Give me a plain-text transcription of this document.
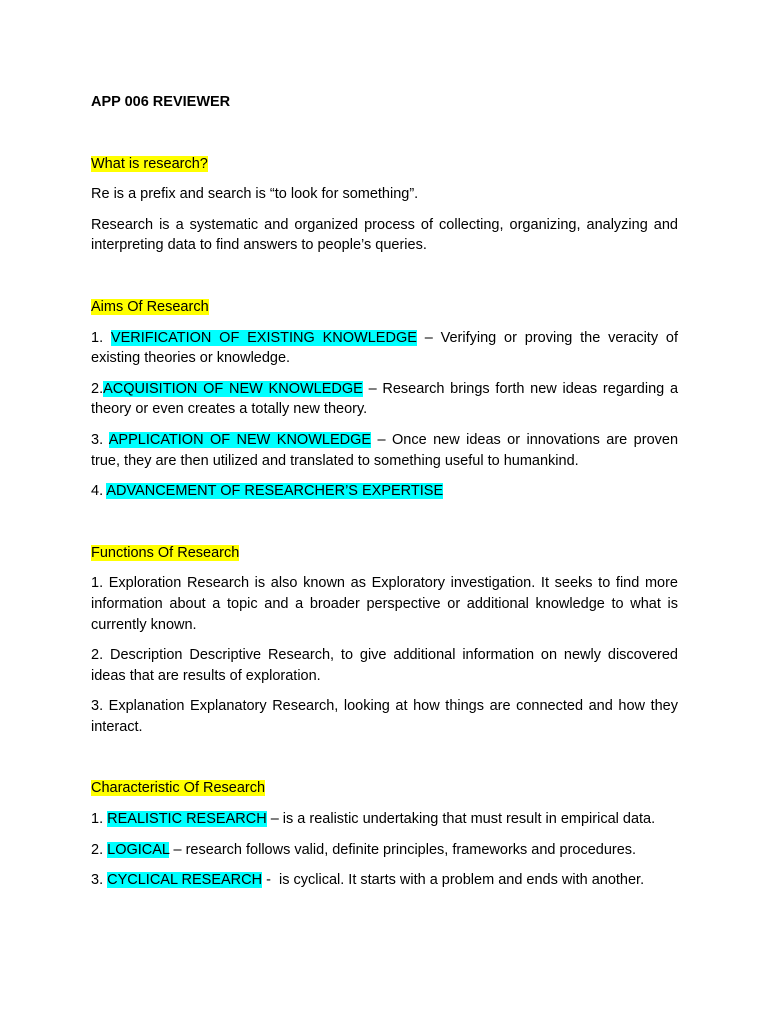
APP 006 REVIEWER

What is research?

Re is a prefix and search is “to look for something”.

Research is a systematic and organized process of collecting, organizing, analyzing and interpreting data to find answers to people’s queries.

Aims Of Research

1. VERIFICATION OF EXISTING KNOWLEDGE – Verifying or proving the veracity of existing theories or knowledge.

2.ACQUISITION OF NEW KNOWLEDGE – Research brings forth new ideas regarding a theory or even creates a totally new theory.

3. APPLICATION OF NEW KNOWLEDGE – Once new ideas or innovations are proven true, they are then utilized and translated to something useful to humankind.

4. ADVANCEMENT OF RESEARCHER’S EXPERTISE

Functions Of Research

1. Exploration Research is also known as Exploratory investigation. It seeks to find more information about a topic and a broader perspective or additional knowledge to what is currently known.

2. Description Descriptive Research, to give additional information on newly discovered ideas that are results of exploration.

3. Explanation Explanatory Research, looking at how things are connected and how they interact.

Characteristic Of Research

1. REALISTIC RESEARCH – is a realistic undertaking that must result in empirical data.

2. LOGICAL – research follows valid, definite principles, frameworks and procedures.

3. CYCLICAL RESEARCH -  is cyclical. It starts with a problem and ends with another.
